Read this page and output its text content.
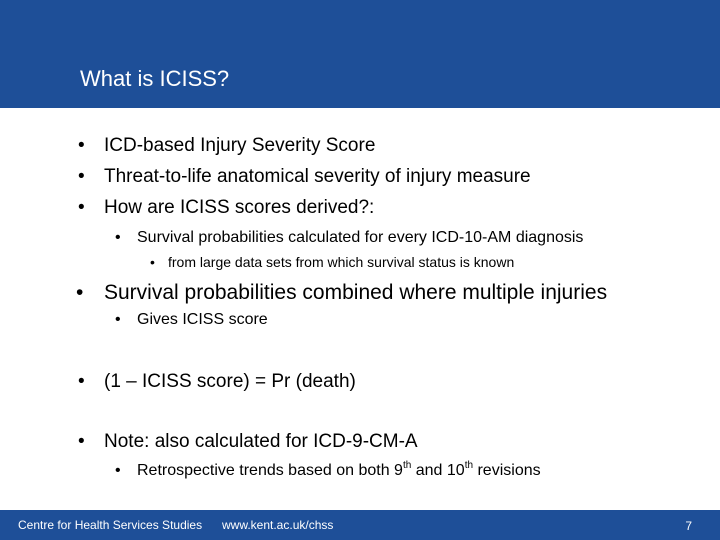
What is ICISS?
• ICD-based Injury Severity Score
• Threat-to-life anatomical severity of injury measure
• How are ICISS scores derived?:
• Survival probabilities calculated for every ICD-10-AM diagnosis
• from large data sets from which survival status is known
• Survival probabilities combined where multiple injuries
• Gives ICISS score
• (1 – ICISS score) = Pr (death)
• Note: also calculated for ICD-9-CM-A
• Retrospective trends based on both 9th and 10th revisions
Centre for Health Services Studies www.kent.ac.uk/chss	7
